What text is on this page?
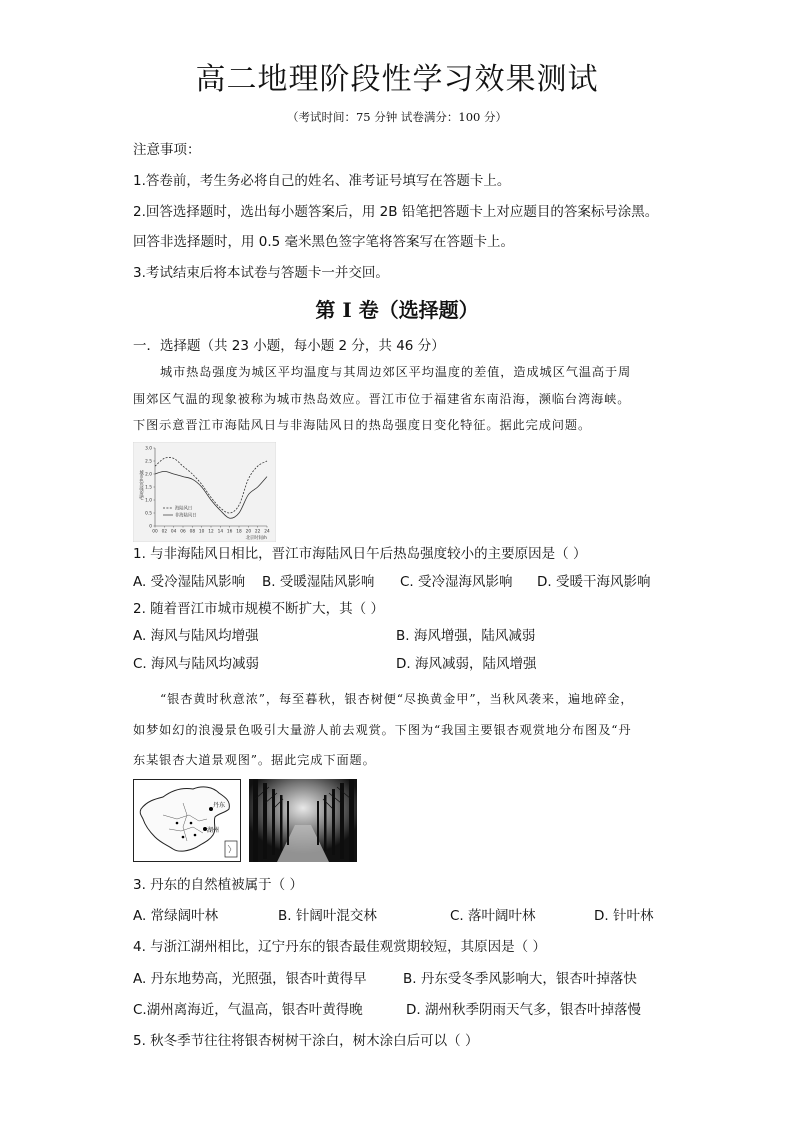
高二地理阶段性学习效果测试
（考试时间：75 分钟 试卷满分：100 分）
注意事项：
1.答卷前，考生务必将自己的姓名、准考证号填写在答题卡上。
2.回答选择题时，选出每小题答案后，用 2B 铅笔把答题卡上对应题目的答案标号涂黑。
回答非选择题时，用 0.5 毫米黑色签字笔将答案写在答题卡上。
3.考试结束后将本试卷与答题卡一并交回。
第 I 卷（选择题）
一．选择题（共 23 小题，每小题 2 分，共 46 分）
城市热岛强度为城区平均温度与其周边郊区平均温度的差值，造成城区气温高于周
围郊区气温的现象被称为城市热岛效应。晋江市位于福建省东南沿海，濒临台湾海峡。
下图示意晋江市海陆风日与非海陆风日的热岛强度日变化特征。据此完成问题。
0
0.5
1.0
1.5
2.0
2.5
3.0
00 02 04 06 08 10 12 14 16 18 20 22 24
城市热岛强度/℃
北京时间/h
海陆风日
非海陆风日
1. 与非海陆风日相比，晋江市海陆风日午后热岛强度较小的主要原因是（ ）
A. 受冷湿陆风影响 B. 受暖湿陆风影响 C. 受冷湿海风影响 D. 受暖干海风影响
2. 随着晋江市城市规模不断扩大，其（ ）
A. 海风与陆风均增强	B. 海风增强，陆风减弱
C. 海风与陆风均减弱	D. 海风减弱，陆风增强
“银杏黄时秋意浓”，每至暮秋，银杏树便“尽换黄金甲”，当秋风袭来，遍地碎金，
如梦如幻的浪漫景色吸引大量游人前去观赏。下图为“我国主要银杏观赏地分布图及“丹
东某银杏大道景观图”。据此完成下面题。
丹东
湖州
3. 丹东的自然植被属于（ ）
A. 常绿阔叶林	B. 针阔叶混交林	C. 落叶阔叶林	D. 针叶林
4. 与浙江湖州相比，辽宁丹东的银杏最佳观赏期较短，其原因是（ ）
A. 丹东地势高，光照强，银杏叶黄得早	B. 丹东受冬季风影响大，银杏叶掉落快
C.湖州离海近，气温高，银杏叶黄得晚	D. 湖州秋季阴雨天气多，银杏叶掉落慢
5. 秋冬季节往往将银杏树树干涂白，树木涂白后可以（ ）
